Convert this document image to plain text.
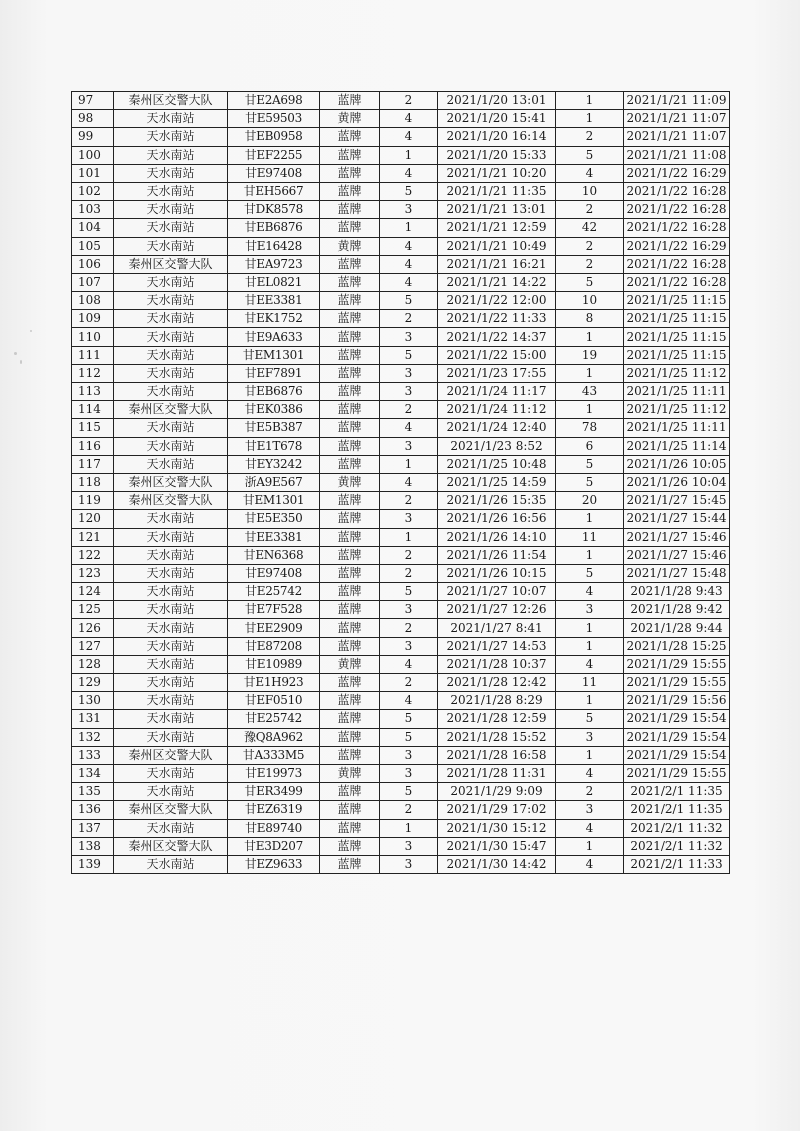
97	秦州区交警大队	甘E2A698	蓝牌	2	2021/1/20 13:01	1	2021/1/21 11:09
98	天水南站	甘E59503	黄牌	4	2021/1/20 15:41	1	2021/1/21 11:07
99	天水南站	甘EB0958	蓝牌	4	2021/1/20 16:14	2	2021/1/21 11:07
100	天水南站	甘EF2255	蓝牌	1	2021/1/20 15:33	5	2021/1/21 11:08
101	天水南站	甘E97408	蓝牌	4	2021/1/21 10:20	4	2021/1/22 16:29
102	天水南站	甘EH5667	蓝牌	5	2021/1/21 11:35	10	2021/1/22 16:28
103	天水南站	甘DK8578	蓝牌	3	2021/1/21 13:01	2	2021/1/22 16:28
104	天水南站	甘EB6876	蓝牌	1	2021/1/21 12:59	42	2021/1/22 16:28
105	天水南站	甘E16428	黄牌	4	2021/1/21 10:49	2	2021/1/22 16:29
106	秦州区交警大队	甘EA9723	蓝牌	4	2021/1/21 16:21	2	2021/1/22 16:28
107	天水南站	甘EL0821	蓝牌	4	2021/1/21 14:22	5	2021/1/22 16:28
108	天水南站	甘EE3381	蓝牌	5	2021/1/22 12:00	10	2021/1/25 11:15
109	天水南站	甘EK1752	蓝牌	2	2021/1/22 11:33	8	2021/1/25 11:15
110	天水南站	甘E9A633	蓝牌	3	2021/1/22 14:37	1	2021/1/25 11:15
111	天水南站	甘EM1301	蓝牌	5	2021/1/22 15:00	19	2021/1/25 11:15
112	天水南站	甘EF7891	蓝牌	3	2021/1/23 17:55	1	2021/1/25 11:12
113	天水南站	甘EB6876	蓝牌	3	2021/1/24 11:17	43	2021/1/25 11:11
114	秦州区交警大队	甘EK0386	蓝牌	2	2021/1/24 11:12	1	2021/1/25 11:12
115	天水南站	甘E5B387	蓝牌	4	2021/1/24 12:40	78	2021/1/25 11:11
116	天水南站	甘E1T678	蓝牌	3	2021/1/23 8:52	6	2021/1/25 11:14
117	天水南站	甘EY3242	蓝牌	1	2021/1/25 10:48	5	2021/1/26 10:05
118	秦州区交警大队	浙A9E567	黄牌	4	2021/1/25 14:59	5	2021/1/26 10:04
119	秦州区交警大队	甘EM1301	蓝牌	2	2021/1/26 15:35	20	2021/1/27 15:45
120	天水南站	甘E5E350	蓝牌	3	2021/1/26 16:56	1	2021/1/27 15:44
121	天水南站	甘EE3381	蓝牌	1	2021/1/26 14:10	11	2021/1/27 15:46
122	天水南站	甘EN6368	蓝牌	2	2021/1/26 11:54	1	2021/1/27 15:46
123	天水南站	甘E97408	蓝牌	2	2021/1/26 10:15	5	2021/1/27 15:48
124	天水南站	甘E25742	蓝牌	5	2021/1/27 10:07	4	2021/1/28 9:43
125	天水南站	甘E7F528	蓝牌	3	2021/1/27 12:26	3	2021/1/28 9:42
126	天水南站	甘EE2909	蓝牌	2	2021/1/27 8:41	1	2021/1/28 9:44
127	天水南站	甘E87208	蓝牌	3	2021/1/27 14:53	1	2021/1/28 15:25
128	天水南站	甘E10989	黄牌	4	2021/1/28 10:37	4	2021/1/29 15:55
129	天水南站	甘E1H923	蓝牌	2	2021/1/28 12:42	11	2021/1/29 15:55
130	天水南站	甘EF0510	蓝牌	4	2021/1/28 8:29	1	2021/1/29 15:56
131	天水南站	甘E25742	蓝牌	5	2021/1/28 12:59	5	2021/1/29 15:54
132	天水南站	豫Q8A962	蓝牌	5	2021/1/28 15:52	3	2021/1/29 15:54
133	秦州区交警大队	甘A333M5	蓝牌	3	2021/1/28 16:58	1	2021/1/29 15:54
134	天水南站	甘E19973	黄牌	3	2021/1/28 11:31	4	2021/1/29 15:55
135	天水南站	甘ER3499	蓝牌	5	2021/1/29 9:09	2	2021/2/1 11:35
136	秦州区交警大队	甘EZ6319	蓝牌	2	2021/1/29 17:02	3	2021/2/1 11:35
137	天水南站	甘E89740	蓝牌	1	2021/1/30 15:12	4	2021/2/1 11:32
138	秦州区交警大队	甘E3D207	蓝牌	3	2021/1/30 15:47	1	2021/2/1 11:32
139	天水南站	甘EZ9633	蓝牌	3	2021/1/30 14:42	4	2021/2/1 11:33
